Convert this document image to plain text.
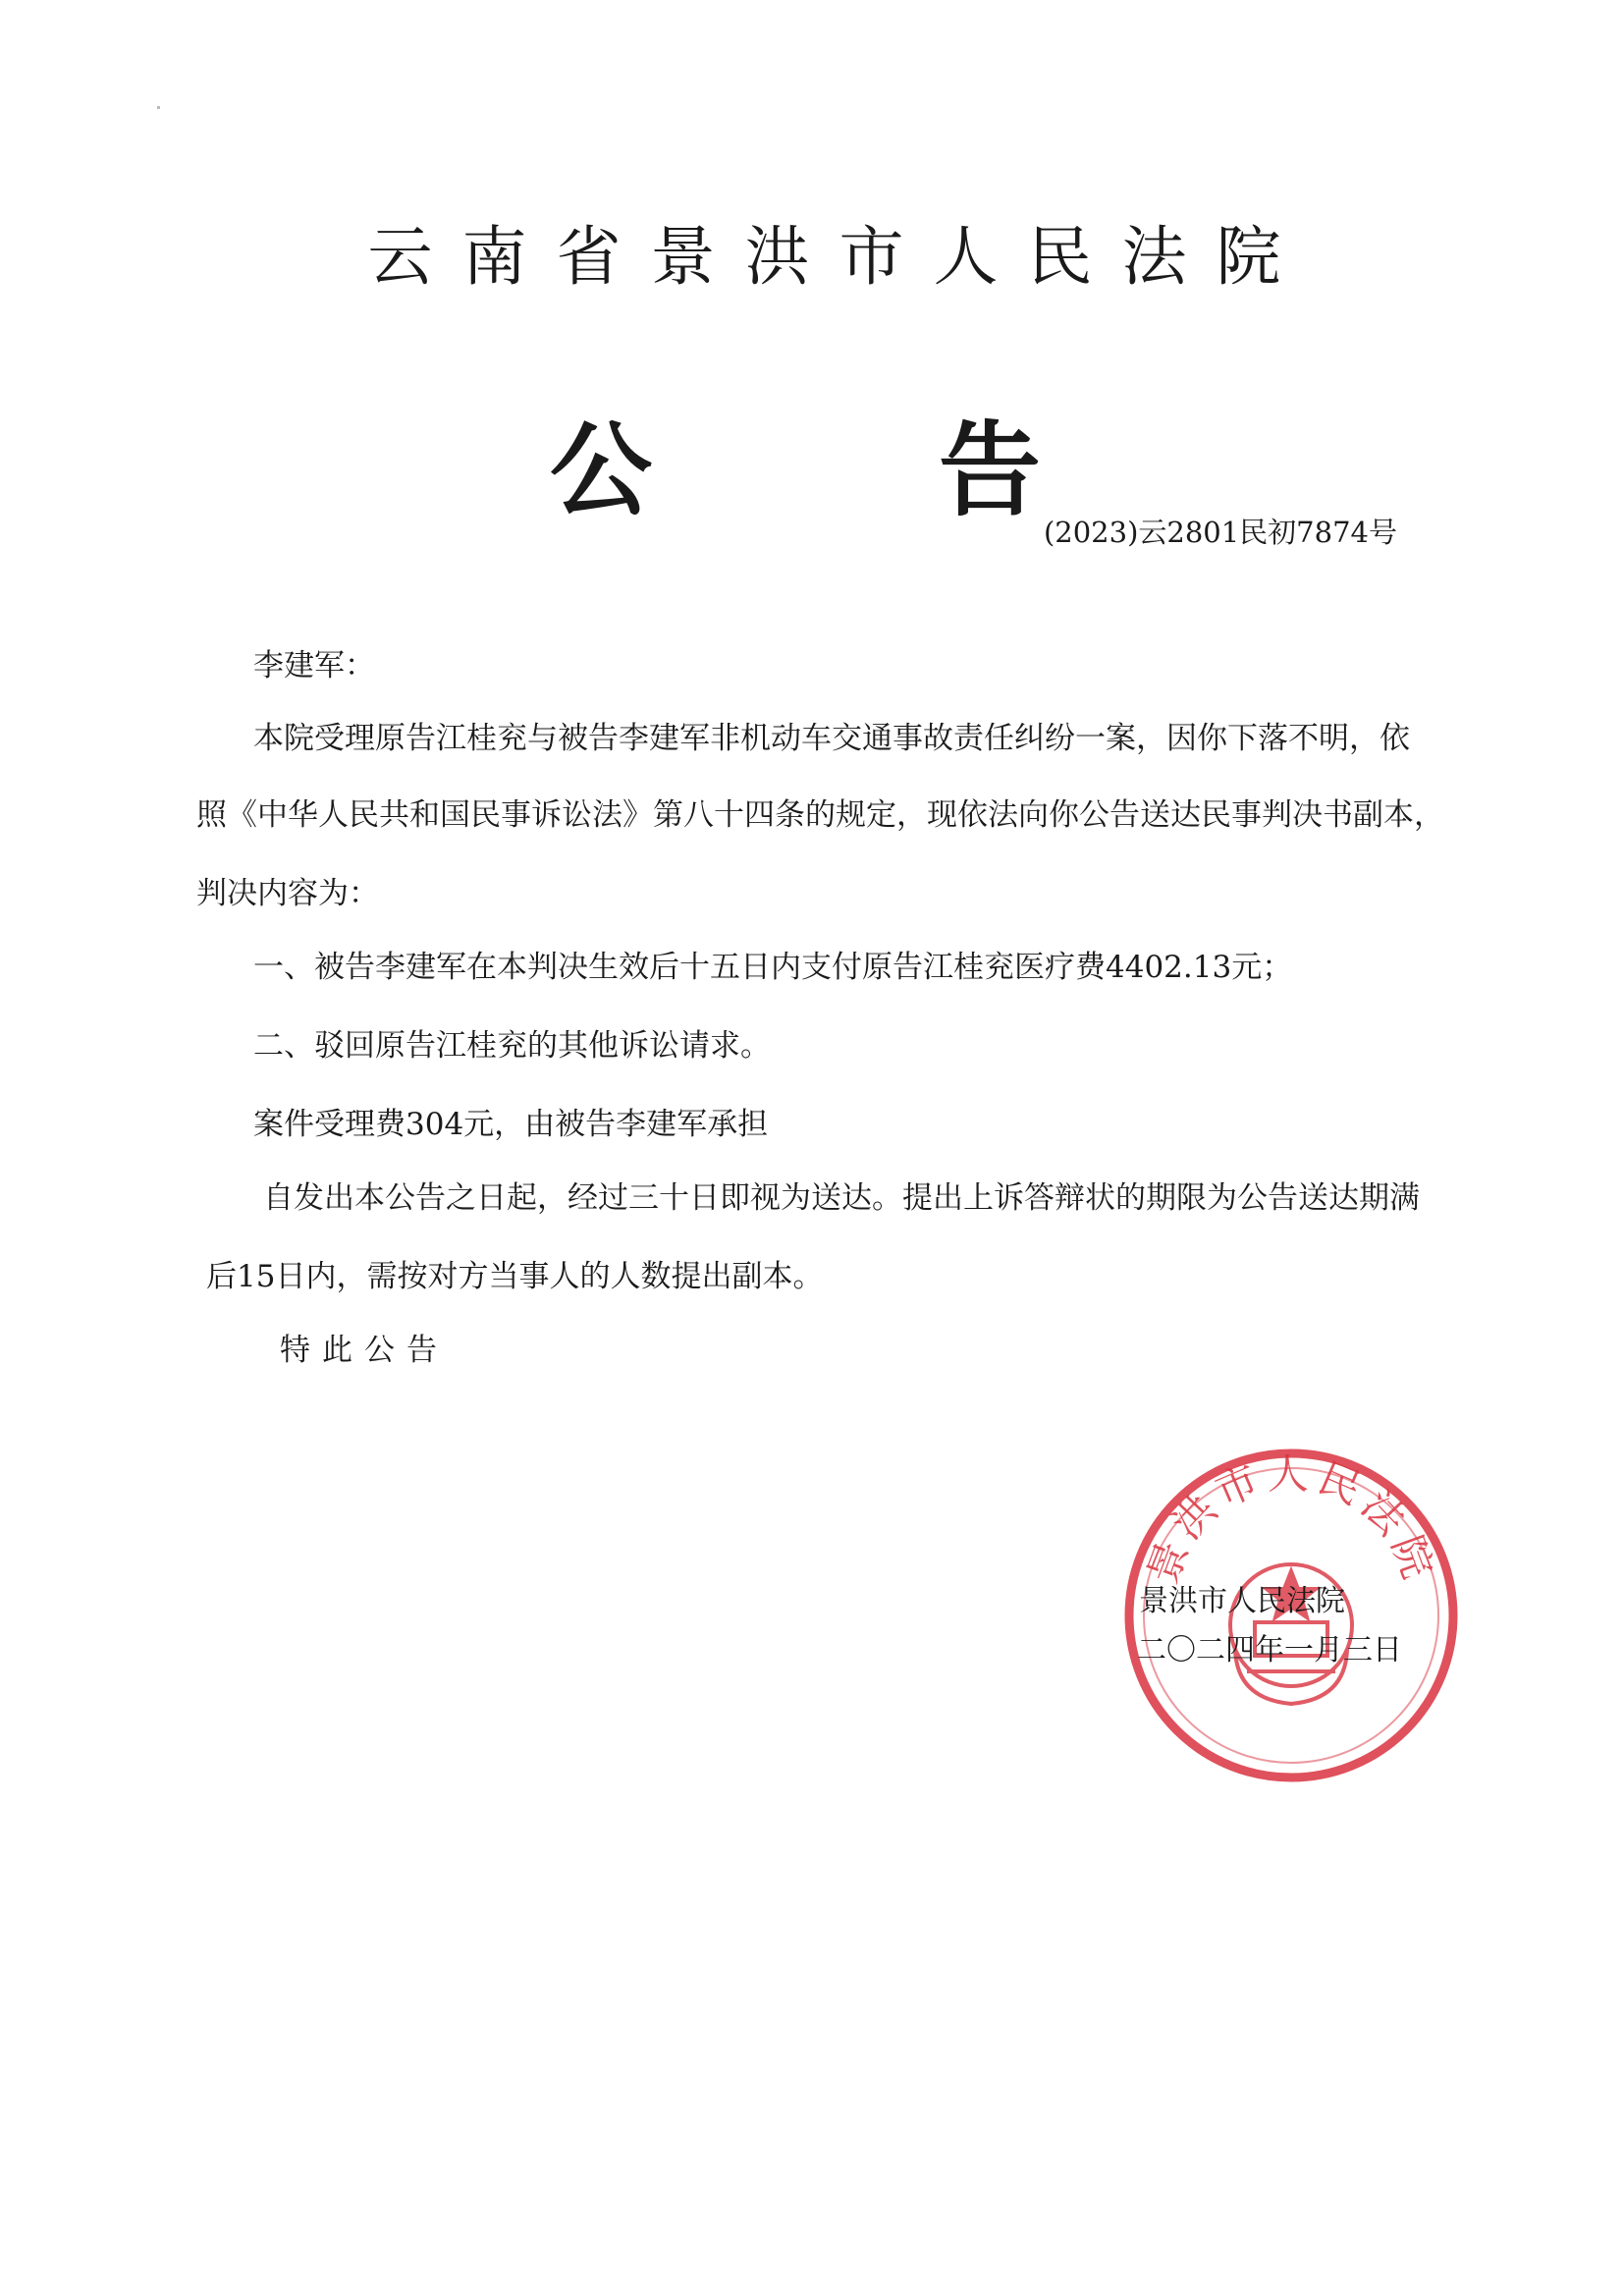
云南省景洪市人民法院
公	告
(2023)云2801民初7874号
李建军：
本院受理原告江桂兖与被告李建军非机动车交通事故责任纠纷一案，因你下落不明，依
照《中华人民共和国民事诉讼法》第八十四条的规定，现依法向你公告送达民事判决书副本，
判决内容为：
一、被告李建军在本判决生效后十五日内支付原告江桂兖医疗费4402.13元；
二、驳回原告江桂兖的其他诉讼请求。
案件受理费304元，由被告李建军承担
自发出本公告之日起，经过三十日即视为送达。提出上诉答辩状的期限为公告送达期满
后15日内，需按对方当事人的人数提出副本。
特此公告
景洪市人民法院
景洪市人民法院
二〇二四年一月三日
